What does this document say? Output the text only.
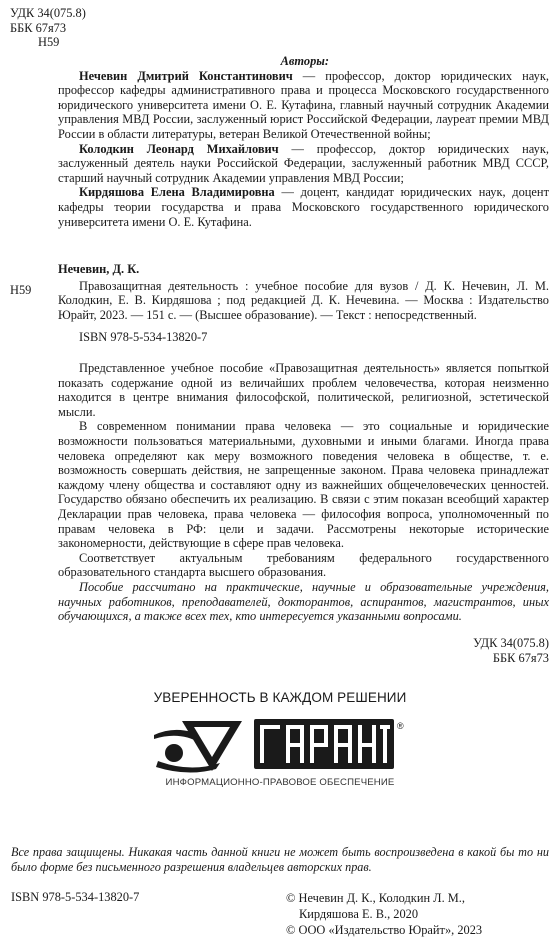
УДК 34(075.8)
ББК 67я73
Н59
Авторы:

Нечевин Дмитрий Константинович — профессор, доктор юридических наук, профессор кафедры административного права и процесса Московского государственного юридического университета имени О. Е. Кутафина, главный научный сотрудник Академии управления МВД России, заслуженный юрист Российской Федерации, лауреат премии МВД России в области литературы, ветеран Великой Отечественной войны;

Колодкин Леонард Михайлович — профессор, доктор юридических наук, заслуженный деятель науки Российской Федерации, заслуженный работник МВД СССР, старший научный сотрудник Академии управления МВД России;

Кирдяшова Елена Владимировна — доцент, кандидат юридических наук, доцент кафедры теории государства и права Московского государственного юридического университета имени О. Е. Кутафина.

Н59
Нечевин, Д. К.

Правозащитная деятельность : учебное пособие для вузов / Д. К. Нечевин, Л. М. Колодкин, Е. В. Кирдяшова ; под редакцией Д. К. Нечевина. — Москва : Издательство Юрайт, 2023. — 151 с. — (Высшее образование). — Текст : непосредственный.

ISBN 978-5-534-13820-7

Представленное учебное пособие «Правозащитная деятельность» является попыткой показать содержание одной из величайших проблем человечества, которая неизменно находится в центре внимания философской, политической, религиозной, эстетической мысли.

В современном понимании права человека — это социальные и юридические возможности пользоваться материальными, духовными и иными благами. Иногда права человека определяют как меру возможного поведения человека в обществе, т. е. возможность совершать действия, не запрещенные законом. Права человека принадлежат каждому члену общества и составляют одну из важнейших общечеловеческих ценностей. Государство обязано обеспечить их реализацию. В связи с этим показан всеобщий характер Декларации прав человека, права человека — философия вопроса, уполномоченный по правам человека в РФ: цели и задачи. Рассмотрены некоторые исторические закономерности, действующие в сфере прав человека.

Соответствует актуальным требованиям федерального государственного образовательного стандарта высшего образования.

Пособие рассчитано на практические, научные и образовательные учреждения, научных работников, преподавателей, докторантов, аспирантов, магистрантов, иных обучающихся, а также всех тех, кто интересуется указанными вопросами.

УДК 34(075.8)
ББК 67я73
УВЕРЕННОСТЬ В КАЖДОМ РЕШЕНИИ
®
ИНФОРМАЦИОННО-ПРАВОВОЕ ОБЕСПЕЧЕНИЕ

Все права защищены. Никакая часть данной книги не может быть воспроизведена в какой бы то ни было форме без письменного разрешения владельцев авторских прав.

ISBN 978-5-534-13820-7	© Нечевин Д. К., Колодкин Л. М.,
Кирдяшова Е. В., 2020
© ООО «Издательство Юрайт», 2023
